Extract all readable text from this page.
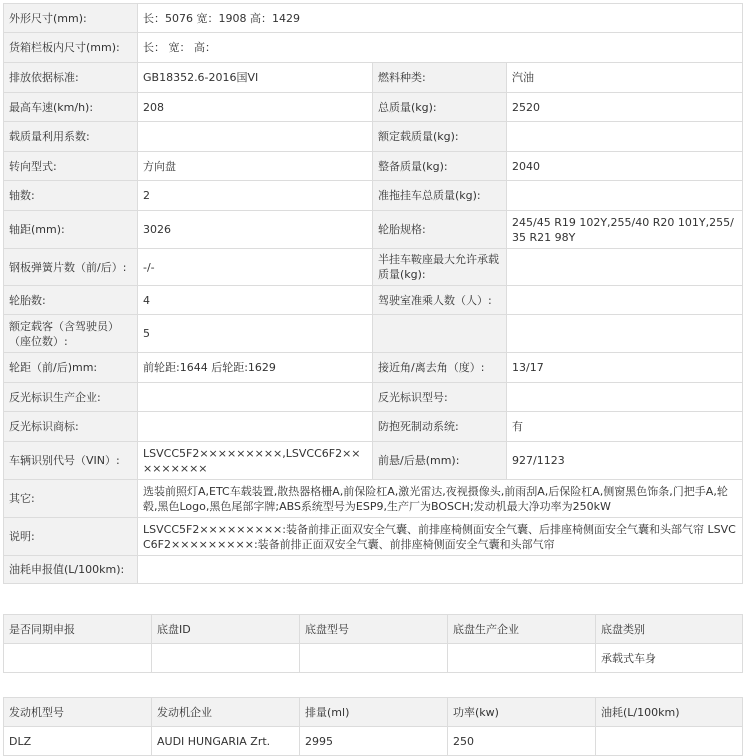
外形尺寸(mm):	长：5076 宽：1908 高：1429		
货箱栏板内尺寸(mm):	长： 宽： 高：		
排放依据标准:	GB18352.6-2016国VI	燃料种类:	汽油
最高车速(km/h):	208	总质量(kg):	2520
载质量利用系数:		额定载质量(kg):	
转向型式:	方向盘	整备质量(kg):	2040
轴数:	2	准拖挂车总质量(kg):	
轴距(mm):	3026	轮胎规格:	245/45 R19 102Y,255/40 R20 101Y,255/35 R21 98Y
钢板弹簧片数（前/后）:	-/-	半挂车鞍座最大允许承载质量(kg):	
轮胎数:	4	驾驶室准乘人数（人）:	
额定载客（含驾驶员）（座位数）:	5		
轮距（前/后)mm:	前轮距:1644 后轮距:1629	接近角/离去角（度）:	13/17
反光标识生产企业:		反光标识型号:	
反光标识商标:		防抱死制动系统:	有
车辆识别代号（VIN）:	LSVCC5F2×××××××××,LSVCC6F2×××××××××	前悬/后悬(mm):	927/1123
其它:	选装前照灯A,ETC车载装置,散热器格栅A,前保险杠A,激光雷达,夜视摄像头,前雨刮A,后保险杠A,侧窗黑色饰条,门把手A,轮毂,黑色Logo,黑色尾部字牌;ABS系统型号为ESP9,生产厂为BOSCH;发动机最大净功率为250kW		
说明:	LSVCC5F2×××××××××:装备前排正面双安全气囊、前排座椅侧面安全气囊、后排座椅侧面安全气囊和头部气帘 LSVCC6F2×××××××××:装备前排正面双安全气囊、前排座椅侧面安全气囊和头部气帘		
油耗申报值(L/100km):			
是否同期申报	底盘ID	底盘型号	底盘生产企业	底盘类别
				承载式车身
发动机型号	发动机企业	排量(ml)	功率(kw)	油耗(L/100km)
DLZ	AUDI HUNGARIA Zrt.	2995	250	
